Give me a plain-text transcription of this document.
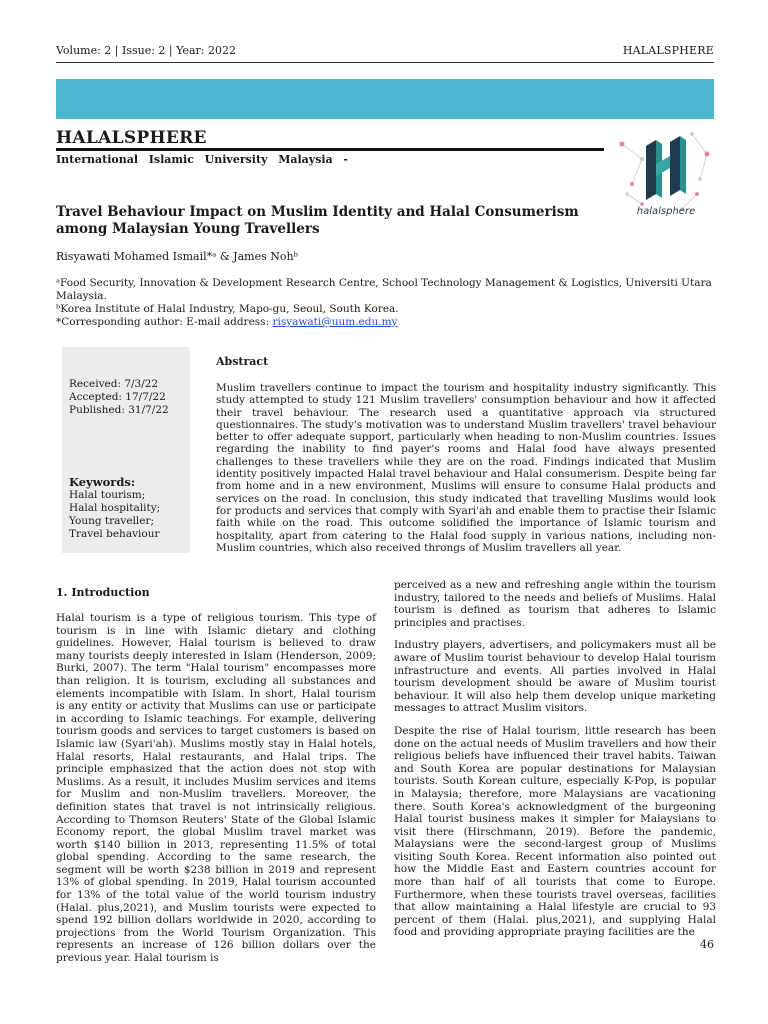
Volume: 2 | Issue: 2 | Year: 2022	HALALSPHERE
HALALSPHERE
International Islamic University Malaysia -
halalsphere
Travel Behaviour Impact on Muslim Identity and Halal Consumerism among Malaysian Young Travellers
Risyawati Mohamed Ismail*ᵃ & James Nohᵇ
ᵃFood Security, Innovation & Development Research Centre, School Technology Management & Logistics, Universiti Utara Malaysia.
ᵇKorea Institute of Halal Industry, Mapo-gu, Seoul, South Korea.
*Corresponding author: E-mail address: risyawati@uum.edu.my
Received: 7/3/22
Accepted: 17/7/22
Published: 31/7/22
Keywords:
Halal tourism;
Halal hospitality;
Young traveller;
Travel behaviour
Abstract
Muslim travellers continue to impact the tourism and hospitality industry significantly. This study attempted to study 121 Muslim travellers' consumption behaviour and how it affected their travel behaviour. The research used a quantitative approach via structured questionnaires. The study's motivation was to understand Muslim travellers' travel behaviour better to offer adequate support, particularly when heading to non-Muslim countries. Issues regarding the inability to find payer's rooms and Halal food have always presented challenges to these travellers while they are on the road. Findings indicated that Muslim identity positively impacted Halal travel behaviour and Halal consumerism. Despite being far from home and in a new environment, Muslims will ensure to consume Halal products and services on the road. In conclusion, this study indicated that travelling Muslims would look for products and services that comply with Syari'ah and enable them to practise their Islamic faith while on the road. This outcome solidified the importance of Islamic tourism and hospitality, apart from catering to the Halal food supply in various nations, including non-Muslim countries, which also received throngs of Muslim travellers all year.
1. Introduction

Halal tourism is a type of religious tourism. This type of tourism is in line with Islamic dietary and clothing guidelines. However, Halal tourism is believed to draw many tourists deeply interested in Islam (Henderson, 2009; Burki, 2007). The term "Halal tourism" encompasses more than religion. It is tourism, excluding all substances and elements incompatible with Islam. In short, Halal tourism is any entity or activity that Muslims can use or participate in according to Islamic teachings. For example, delivering tourism goods and services to target customers is based on Islamic law (Syari'ah). Muslims mostly stay in Halal hotels, Halal resorts, Halal restaurants, and Halal trips. The principle emphasized that the action does not stop with Muslims. As a result, it includes Muslim services and items for Muslim and non-Muslim travellers. Moreover, the definition states that travel is not intrinsically religious. According to Thomson Reuters' State of the Global Islamic Economy report, the global Muslim travel market was worth $140 billion in 2013, representing 11.5% of total global spending. According to the same research, the segment will be worth $238 billion in 2019 and represent 13% of global spending. In 2019, Halal tourism accounted for 13% of the total value of the world tourism industry (Halal. plus,2021), and Muslim tourists were expected to spend 192 billion dollars worldwide in 2020, according to projections from the World Tourism Organization. This represents an increase of 126 billion dollars over the previous year. Halal tourism is

perceived as a new and refreshing angle within the tourism industry, tailored to the needs and beliefs of Muslims. Halal tourism is defined as tourism that adheres to Islamic principles and practises.

Industry players, advertisers, and policymakers must all be aware of Muslim tourist behaviour to develop Halal tourism infrastructure and events. All parties involved in Halal tourism development should be aware of Muslim tourist behaviour. It will also help them develop unique marketing messages to attract Muslim visitors.

Despite the rise of Halal tourism, little research has been done on the actual needs of Muslim travellers and how their religious beliefs have influenced their travel habits. Taiwan and South Korea are popular destinations for Malaysian tourists. South Korean culture, especially K-Pop, is popular in Malaysia; therefore, more Malaysians are vacationing there. South Korea's acknowledgment of the burgeoning Halal tourist business makes it simpler for Malaysians to visit there (Hirschmann, 2019). Before the pandemic, Malaysians were the second-largest group of Muslims visiting South Korea. Recent information also pointed out how the Middle East and Eastern countries account for more than half of all tourists that come to Europe. Furthermore, when these tourists travel overseas, facilities that allow maintaining a Halal lifestyle are crucial to 93 percent of them (Halal. plus,2021), and supplying Halal food and providing appropriate praying facilities are the

46
